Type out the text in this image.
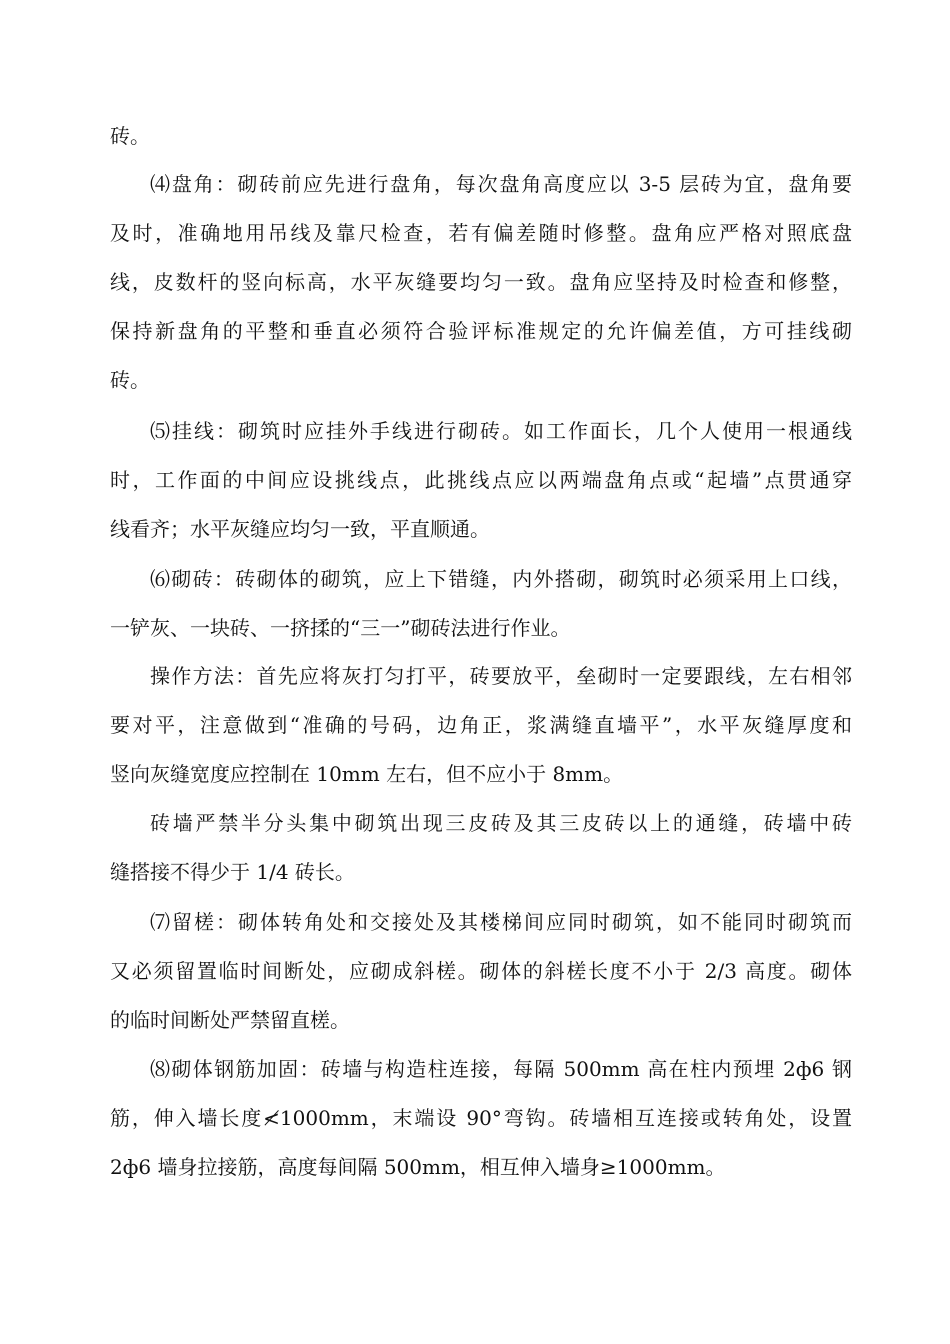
砖。
⑷盘角：砌砖前应先进行盘角，每次盘角高度应以 3-5 层砖为宜，盘角要
及时，准确地用吊线及靠尺检查，若有偏差随时修整。盘角应严格对照底盘
线，皮数杆的竖向标高，水平灰缝要均匀一致。盘角应坚持及时检查和修整，
保持新盘角的平整和垂直必须符合验评标准规定的允许偏差值，方可挂线砌
砖。
⑸挂线：砌筑时应挂外手线进行砌砖。如工作面长，几个人使用一根通线
时，工作面的中间应设挑线点，此挑线点应以两端盘角点或“起墙”点贯通穿
线看齐；水平灰缝应均匀一致，平直顺通。
⑹砌砖：砖砌体的砌筑，应上下错缝，内外搭砌，砌筑时必须采用上口线，
一铲灰、一块砖、一挤揉的“三一”砌砖法进行作业。
操作方法：首先应将灰打匀打平，砖要放平，垒砌时一定要跟线，左右相邻
要对平，注意做到“准确的号码，边角正，浆满缝直墙平”，水平灰缝厚度和
竖向灰缝宽度应控制在 10mm 左右，但不应小于 8mm。
砖墙严禁半分头集中砌筑出现三皮砖及其三皮砖以上的通缝，砖墙中砖
缝搭接不得少于 1/4 砖长。
⑺留槎：砌体转角处和交接处及其楼梯间应同时砌筑，如不能同时砌筑而
又必须留置临时间断处，应砌成斜槎。砌体的斜槎长度不小于 2/3 高度。砌体
的临时间断处严禁留直槎。
⑻砌体钢筋加固：砖墙与构造柱连接，每隔 500mm 高在柱内预埋 2ф6 钢
筋，伸入墙长度≮1000mm，末端设 90°弯钩。砖墙相互连接或转角处，设置
2ф6 墙身拉接筋，高度每间隔 500mm，相互伸入墙身≥1000mm。
